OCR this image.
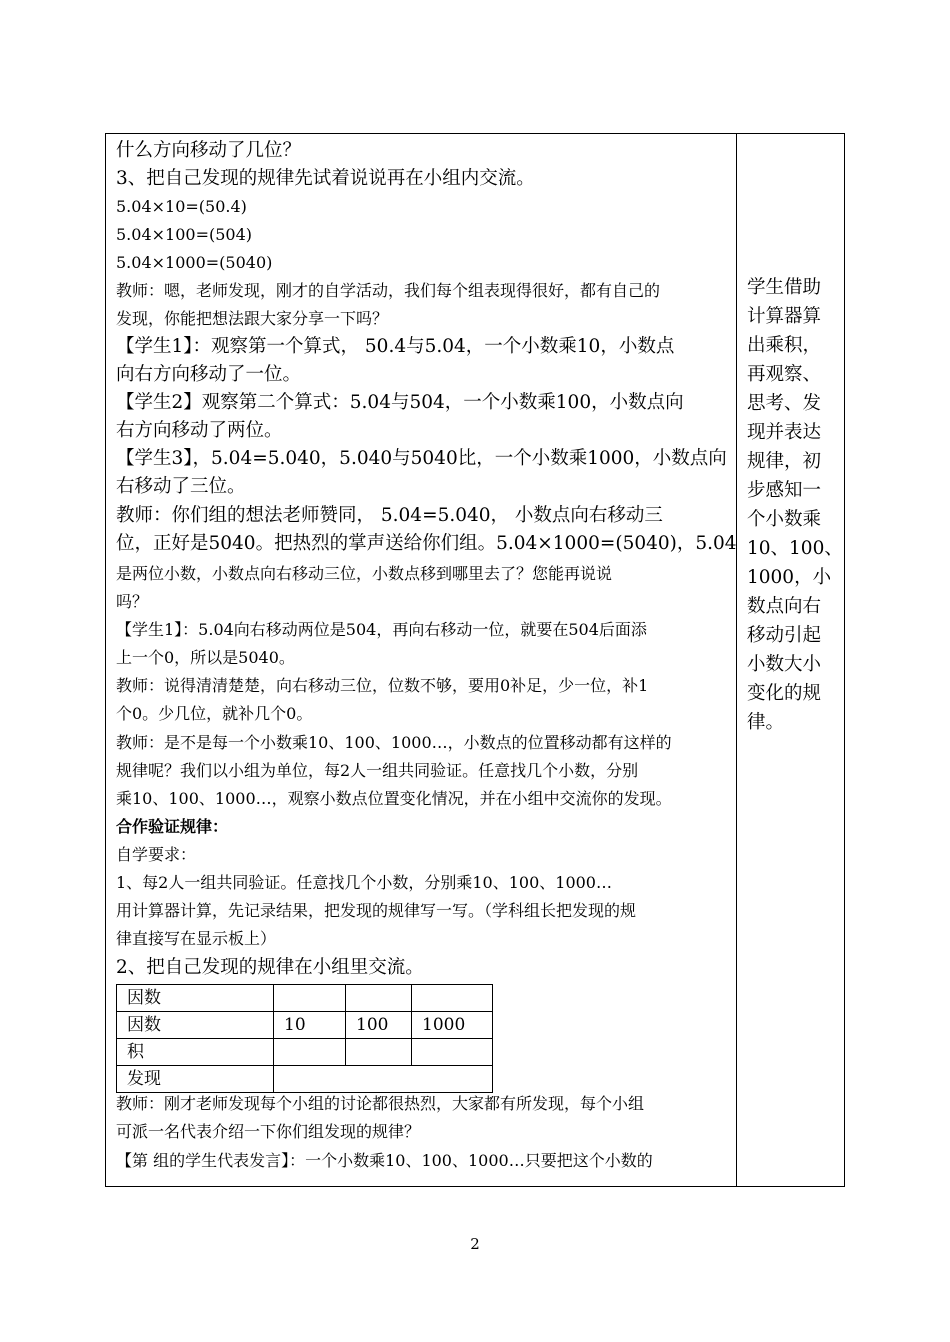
什么方向移动了几位？
3、把自己发现的规律先试着说说再在小组内交流。
5.04×10=(50.4)
5.04×100=(504)
5.04×1000=(5040)
教师：嗯，老师发现，刚才的自学活动，我们每个组表现得很好，都有自己的
发现，你能把想法跟大家分享一下吗？
【学生1】：观察第一个算式， 50.4与5.04，一个小数乘10，小数点
向右方向移动了一位。
【学生2】观察第二个算式：5.04与504，一个小数乘100，小数点向
右方向移动了两位。
【学生3】，5.04=5.040，5.040与5040比，一个小数乘1000，小数点向
右移动了三位。
教师：你们组的想法老师赞同， 5.04=5.040， 小数点向右移动三
位，正好是5040。把热烈的掌声送给你们组。5.04×1000=(5040)，5.04
是两位小数，小数点向右移动三位，小数点移到哪里去了？您能再说说
吗？
【学生1】：5.04向右移动两位是504，再向右移动一位，就要在504后面添
上一个0，所以是5040。
教师：说得清清楚楚，向右移动三位，位数不够，要用0补足，少一位，补1
个0。少几位，就补几个0。
教师：是不是每一个小数乘10、100、1000…，小数点的位置移动都有这样的
规律呢？我们以小组为单位，每2人一组共同验证。任意找几个小数，分别
乘10、100、1000…，观察小数点位置变化情况，并在小组中交流你的发现。
合作验证规律：
自学要求：
1、每2人一组共同验证。任意找几个小数，分别乘10、100、1000…
用计算器计算，先记录结果，把发现的规律写一写。（学科组长把发现的规
律直接写在显示板上）
2、把自己发现的规律在小组里交流。
教师：刚才老师发现每个小组的讨论都很热烈，大家都有所发现，每个小组
可派一名代表介绍一下你们组发现的规律？
【第 组的学生代表发言】：一个小数乘10、100、1000…只要把这个小数的
因数			
因数	10	100	1000
积			
发现			
学生借助
计算器算
出乘积，
再观察、
思考、发
现并表达
规律，初
步感知一
个小数乘
10、100、
1000，小
数点向右
移动引起
小数大小
变化的规
律。
2
